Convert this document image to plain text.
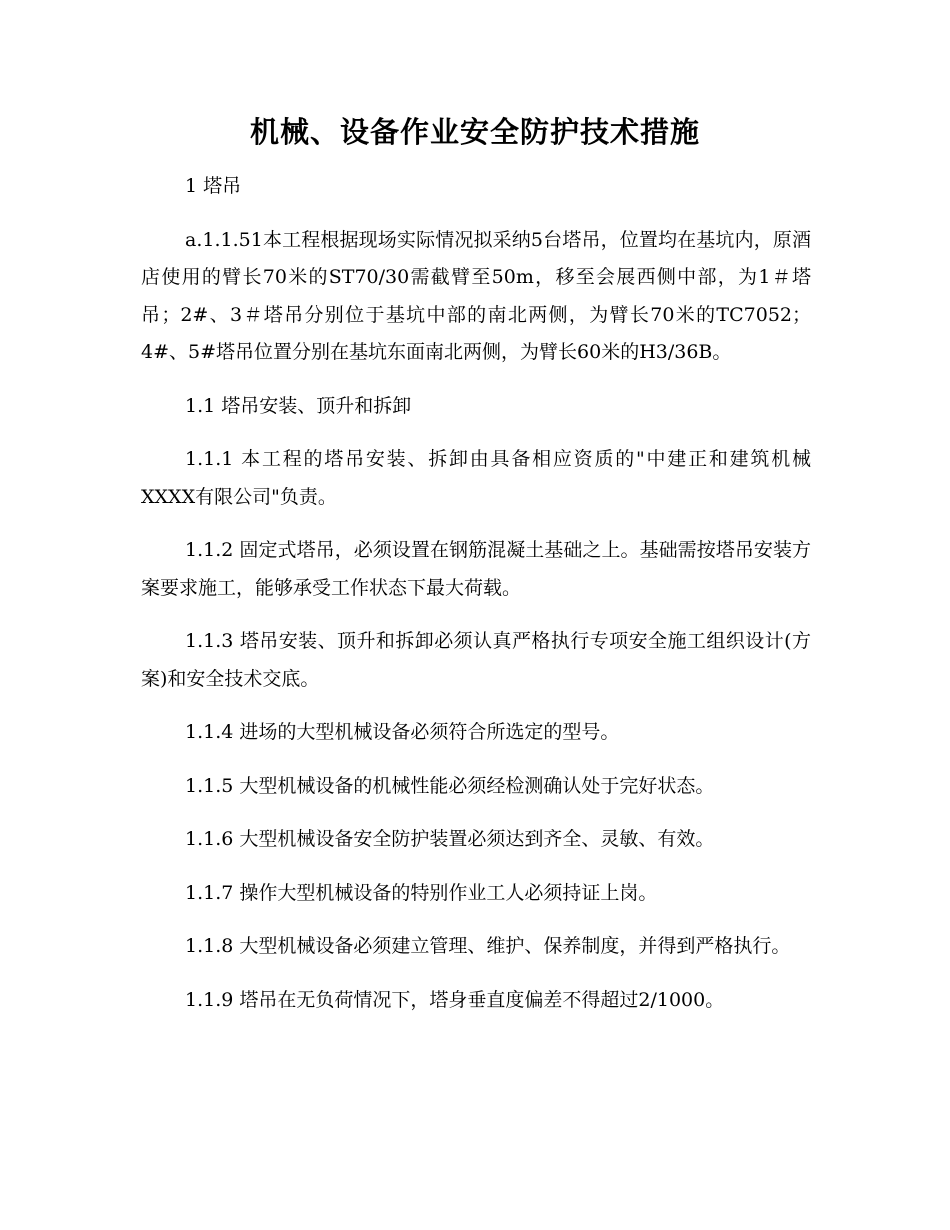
机械、设备作业安全防护技术措施

1 塔吊

a.1.1.51本工程根据现场实际情况拟采纳5台塔吊，位置均在基坑内，原酒店使用的臂长70米的ST70/30需截臂至50m，移至会展西侧中部，为1＃塔吊；2#、3＃塔吊分别位于基坑中部的南北两侧，为臂长70米的TC7052；4#、5#塔吊位置分别在基坑东面南北两侧，为臂长60米的H3/36B。

1.1 塔吊安装、顶升和拆卸

1.1.1 本工程的塔吊安装、拆卸由具备相应资质的"中建正和建筑机械XXXX有限公司"负责。

1.1.2 固定式塔吊，必须设置在钢筋混凝土基础之上。基础需按塔吊安装方案要求施工，能够承受工作状态下最大荷载。

1.1.3 塔吊安装、顶升和拆卸必须认真严格执行专项安全施工组织设计(方案)和安全技术交底。

1.1.4 进场的大型机械设备必须符合所选定的型号。

1.1.5 大型机械设备的机械性能必须经检测确认处于完好状态。

1.1.6 大型机械设备安全防护装置必须达到齐全、灵敏、有效。

1.1.7 操作大型机械设备的特别作业工人必须持证上岗。

1.1.8 大型机械设备必须建立管理、维护、保养制度，并得到严格执行。

1.1.9 塔吊在无负荷情况下，塔身垂直度偏差不得超过2/1000。
